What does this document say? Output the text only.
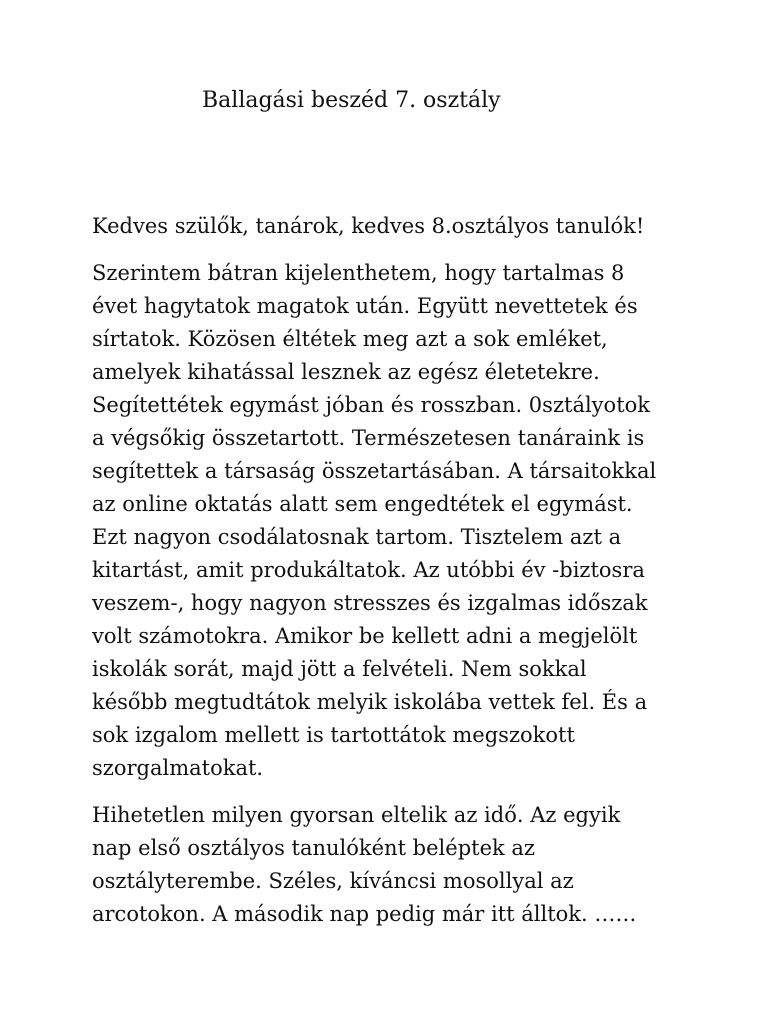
Ballagási beszéd 7. osztály
Kedves szülők, tanárok, kedves 8.osztályos tanulók!
Szerintem bátran kijelenthetem, hogy tartalmas 8
évet hagytatok magatok után. Együtt nevettetek és
sírtatok. Közösen éltétek meg azt a sok emléket,
amelyek kihatással lesznek az egész életetekre.
Segítettétek egymást jóban és rosszban. 0sztályotok
a végsőkig összetartott. Természetesen tanáraink is
segítettek a társaság összetartásában. A társaitokkal
az online oktatás alatt sem engedtétek el egymást.
Ezt nagyon csodálatosnak tartom. Tisztelem azt a
kitartást, amit produkáltatok. Az utóbbi év -biztosra
veszem-, hogy nagyon stresszes és izgalmas időszak
volt számotokra. Amikor be kellett adni a megjelölt
iskolák sorát, majd jött a felvételi. Nem sokkal
később megtudtátok melyik iskolába vettek fel. És a
sok izgalom mellett is tartottátok megszokott
szorgalmatokat.
Hihetetlen milyen gyorsan eltelik az idő. Az egyik
nap első osztályos tanulóként beléptek az
osztályterembe. Széles, kíváncsi mosollyal az
arcotokon. A második nap pedig már itt álltok. ……
